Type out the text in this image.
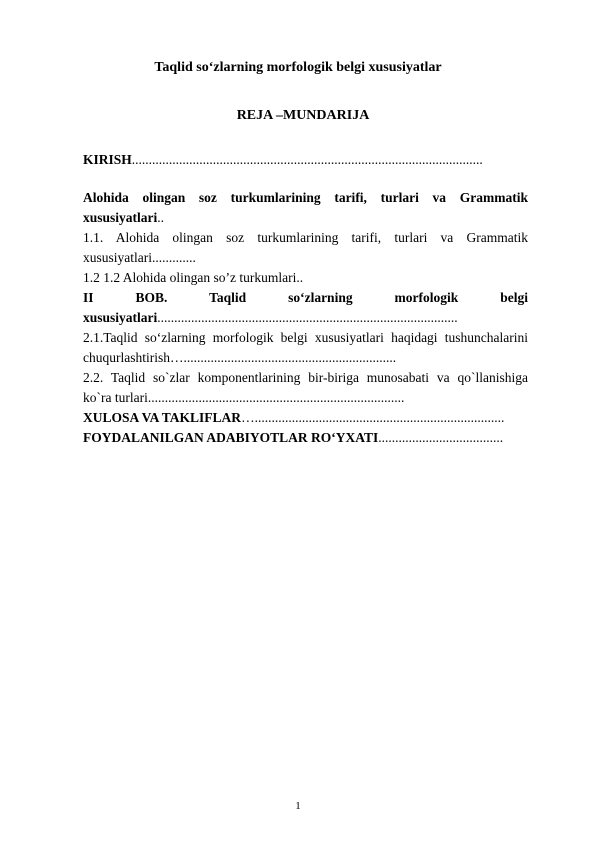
Taqlid so‘zlarning morfologik belgi xususiyatlar
REJA –MUNDARIJA
KIRISH........................................................................................................
Alohida olingan soz turkumlarining tarifi, turlari va Grammatik
xususiyatlari..
1.1. Alohida olingan soz turkumlarining tarifi, turlari va Grammatik
xususiyatlari.............
1.2 1.2 Alohida olingan so’z turkumlari..
II	BOB.	Taqlid	so‘zlarning	morfologik	belgi
xususiyatlari.........................................................................................
2.1.Taqlid so‘zlarning morfologik belgi xususiyatlari haqidagi tushunchalarini
chuqurlashtirish…...............................................................
2.2. Taqlid so`zlar komponentlarining bir-biriga munosabati va qo`llanishiga
ko`ra turlari............................................................................
XULOSA VA TAKLIFLAR…..........................................................................
FOYDALANILGAN ADABIYOTLAR RO‘YXATI.....................................
1
